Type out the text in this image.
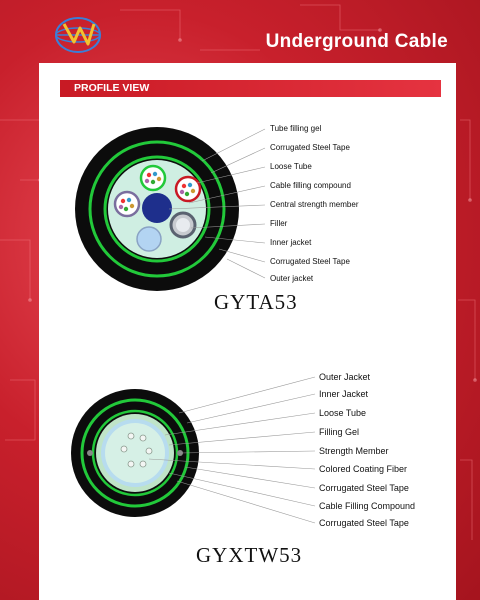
Underground Cable
PROFILE VIEW
Tube filling gel
Corrugated Steel Tape
Loose Tube
Cable filling compound
Central strength member
Filler
Inner jacket
Corrugated Steel Tape
Outer jacket
GYTA53
Outer Jacket
Inner Jacket
Loose Tube
Filling Gel
Strength Member
Colored Coating Fiber
Corrugated Steel Tape
Cable Filling Compound
Corrugated Steel Tape
GYXTW53
